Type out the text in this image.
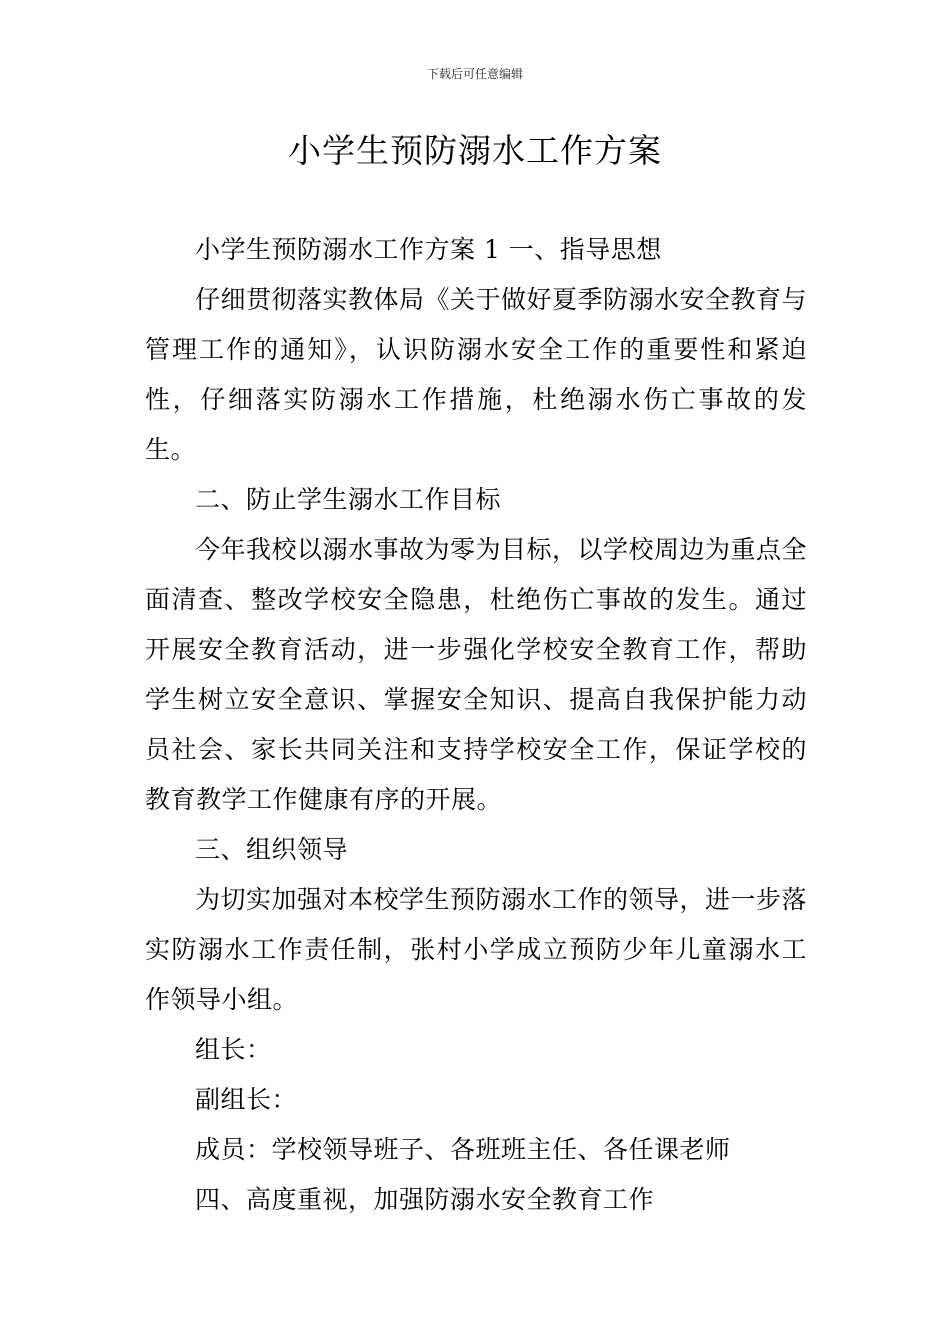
下载后可任意编辑
小学生预防溺水工作方案

小学生预防溺水工作方案 1 一、指导思想

仔细贯彻落实教体局《关于做好夏季防溺水安全教育与管理工作的通知》，认识防溺水安全工作的重要性和紧迫性，仔细落实防溺水工作措施，杜绝溺水伤亡事故的发生。

二、防止学生溺水工作目标

今年我校以溺水事故为零为目标，以学校周边为重点全面清查、整改学校安全隐患，杜绝伤亡事故的发生。通过开展安全教育活动，进一步强化学校安全教育工作，帮助学生树立安全意识、掌握安全知识、提高自我保护能力动员社会、家长共同关注和支持学校安全工作，保证学校的教育教学工作健康有序的开展。

三、组织领导

为切实加强对本校学生预防溺水工作的领导，进一步落实防溺水工作责任制，张村小学成立预防少年儿童溺水工作领导小组。

组长：

副组长：

成员：学校领导班子、各班班主任、各任课老师

四、高度重视，加强防溺水安全教育工作
